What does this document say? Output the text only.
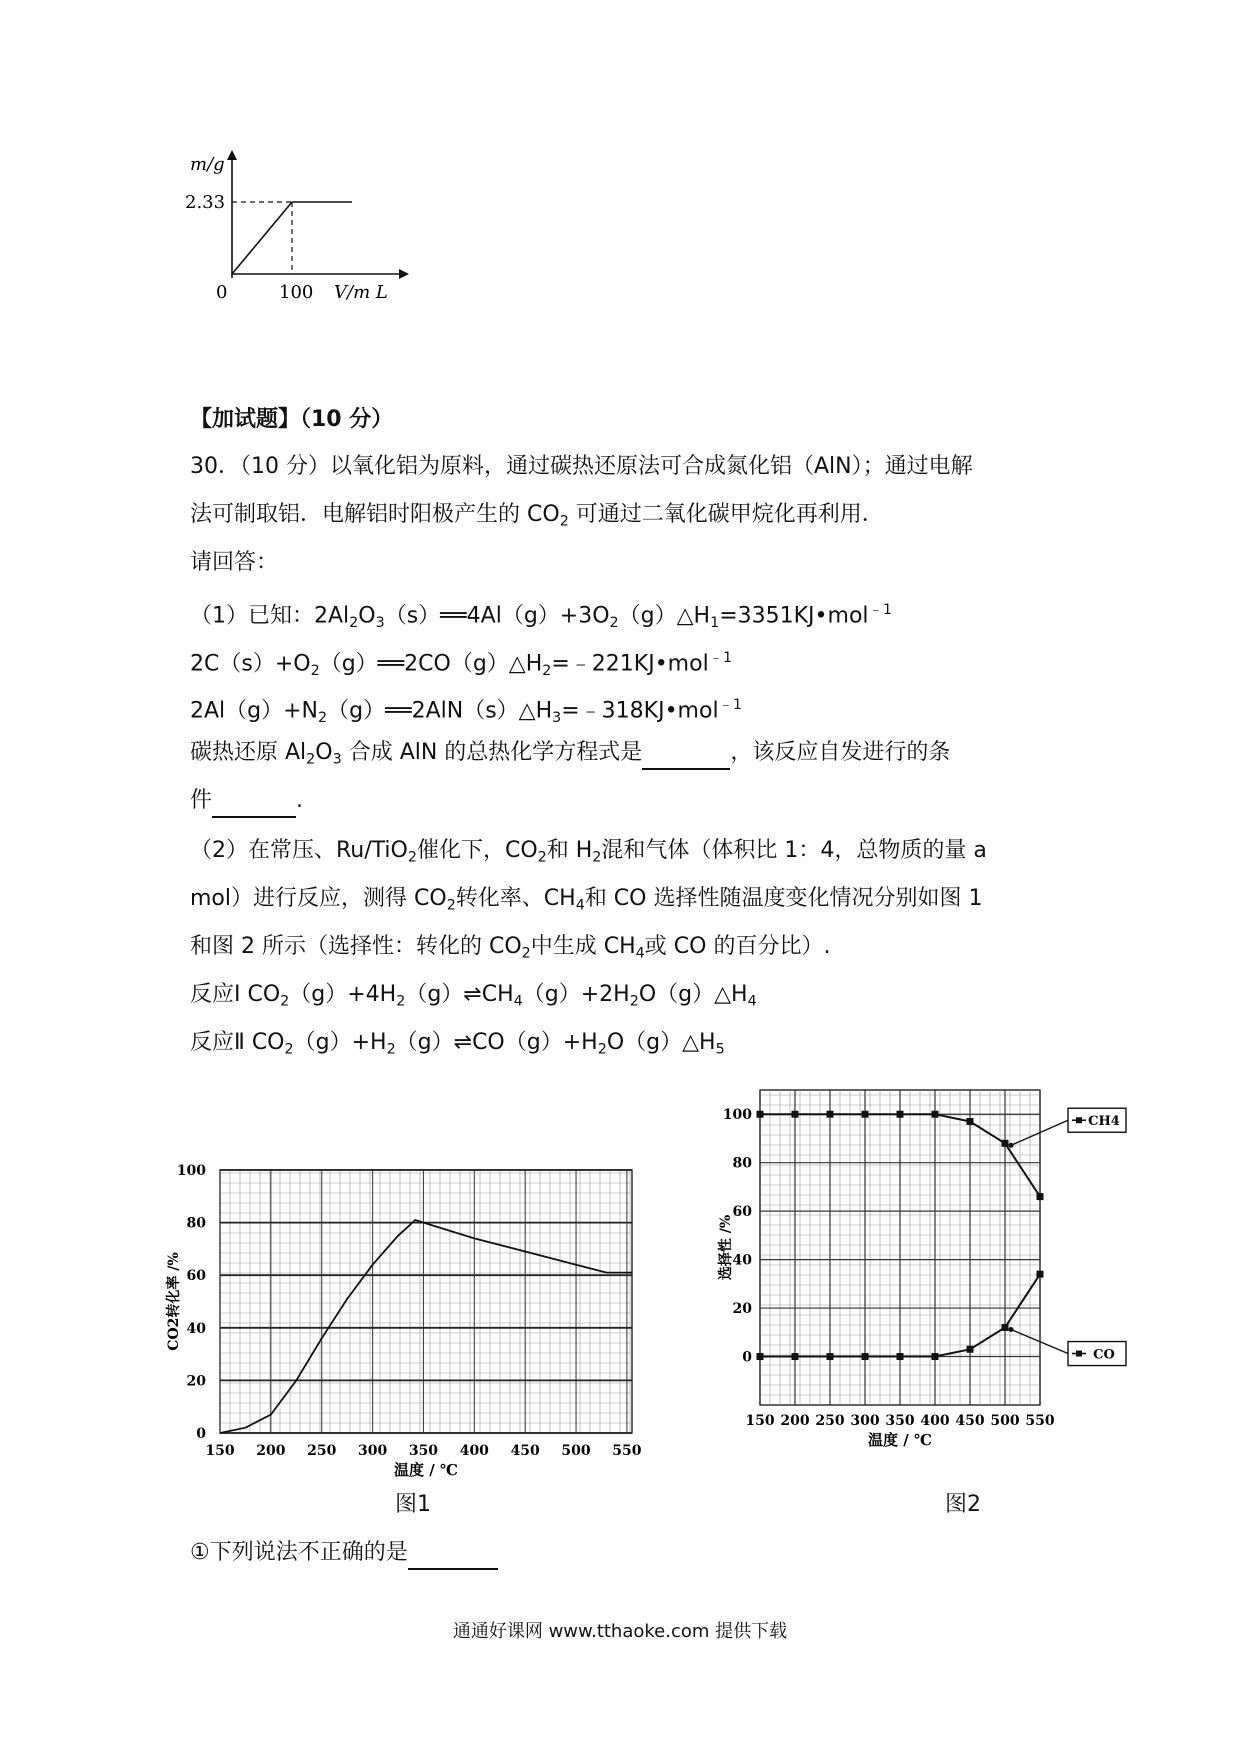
m/g
2.33
0	100 V/m L
【加试题】（10 分）
30．（10 分）以氧化铝为原料，通过碳热还原法可合成氮化铝（AlN）；通过电解
法可制取铝．电解铝时阳极产生的 $CO_2$ 可通过二氧化碳甲烷化再利用．
请回答：
（1）已知：$2Al_2O_3(s)══4Al(g)+3O_2(g)\triangle H_1=3351KJ•mol^{﹣1}$
$2C(s)+O_2(g)══2CO(g)\triangle H_2=﹣221KJ•mol^{﹣1}$
$2Al(g)+N_2(g)══2AlN(s)\triangle H_3=﹣318KJ•mol^{﹣1}$
碳热还原 $Al_2O_3$ 合成 AlN 的总热化学方程式是	，该反应自发进行的条
件	.
（2）在常压、Ru/TiO$_2$催化下，$CO_2$和 $H_2$混和气体（体积比 1：4，总物质的量 a
mol）进行反应，测得 $CO_2$转化率、$CH_4$和 CO 选择性随温度变化情况分别如图 1
和图 2 所示（选择性：转化的 $CO_2$中生成 $CH_4$或 CO 的百分比）.
反应Ⅰ $CO_2(g)+4H_2(g)\rightleftharpoons CH_4(g)+2H_2O(g)\triangle H_4$
反应Ⅱ $CO_2(g)+H_2(g)\rightleftharpoons CO(g)+H_2O(g)\triangle H_5$
150 200 250 300 350 400 450 500 550
0
20
40
60
80
100
温度 / ℃
CO2转化率 /%
图1
150 200 250 300 350 400 450 500 550
0
20
40
60
80
100
温度 / ℃
选择性 /%
CH4
CO
图2
①下列说法不正确的是
通通好课网 www.tthaoke.com 提供下载
